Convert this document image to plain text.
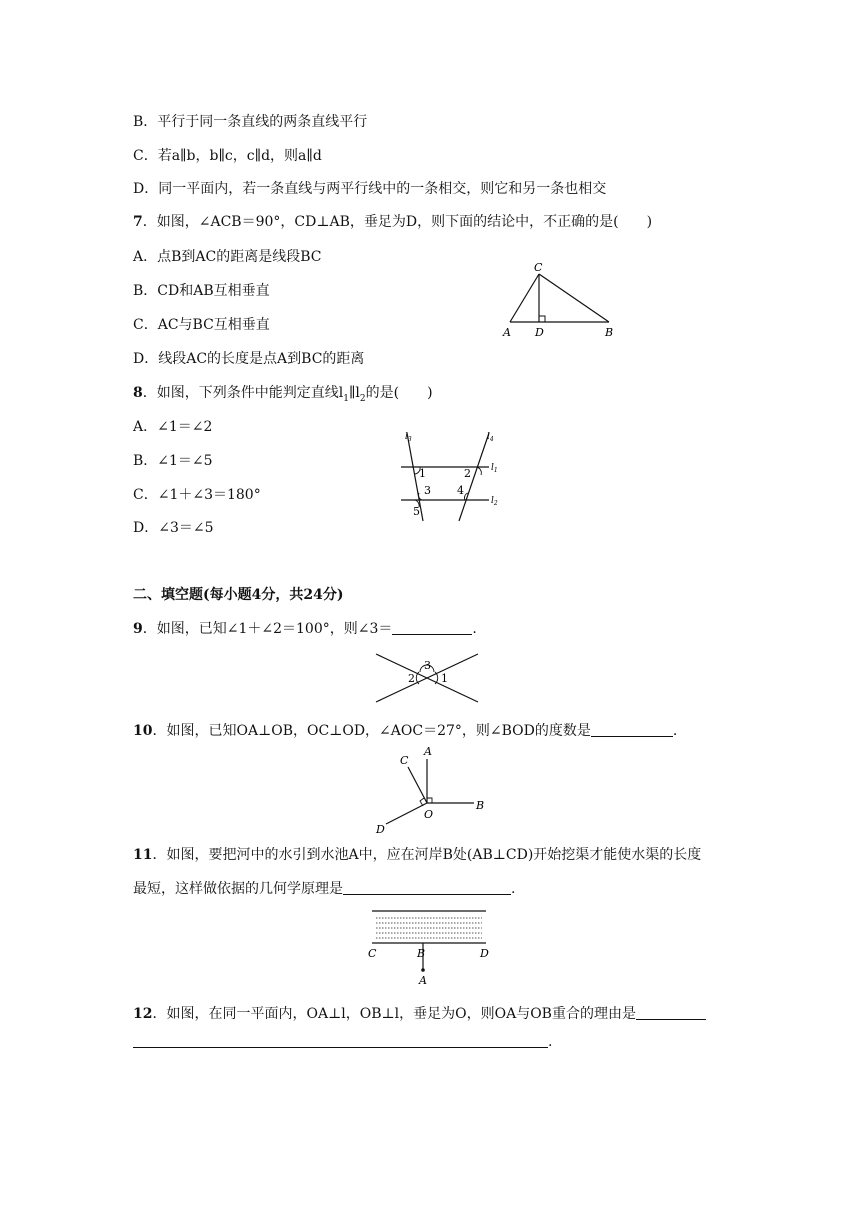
B．平行于同一条直线的两条直线平行
C．若a∥b，b∥c，c∥d，则a∥d
D．同一平面内，若一条直线与两平行线中的一条相交，则它和另一条也相交
7．如图，∠ACB＝90°，CD⊥AB，垂足为D，则下面的结论中，不正确的是(　　)
A．点B到AC的距离是线段BC
B．CD和AB互相垂直
C．AC与BC互相垂直
D．线段AC的长度是点A到BC的距离
C
A D	B
8．如图，下列条件中能判定直线$l_1\parallel l_2$的是(　　)
A．∠1＝∠2
B．∠1＝∠5
C．∠1＋∠3＝180°
D．∠3＝∠5
$l_3$	$l_4$
$l_1$
$l_2$
1	2
3 4
5
二、填空题(每小题4分，共24分)
9．如图，已知∠1＋∠2＝100°，则∠3＝	.
3
2 1
10．如图，已知OA⊥OB，OC⊥OD，∠AOC＝27°，则∠BOD的度数是	.
A
B
C
D
O
11．如图，要把河中的水引到水池A中，应在河岸B处(AB⊥CD)开始挖渠才能使水渠的长度
最短，这样做依据的几何学原理是	.
C	B	D
A
12．如图，在同一平面内，OA⊥l，OB⊥l，垂足为O，则OA与OB重合的理由是
.
